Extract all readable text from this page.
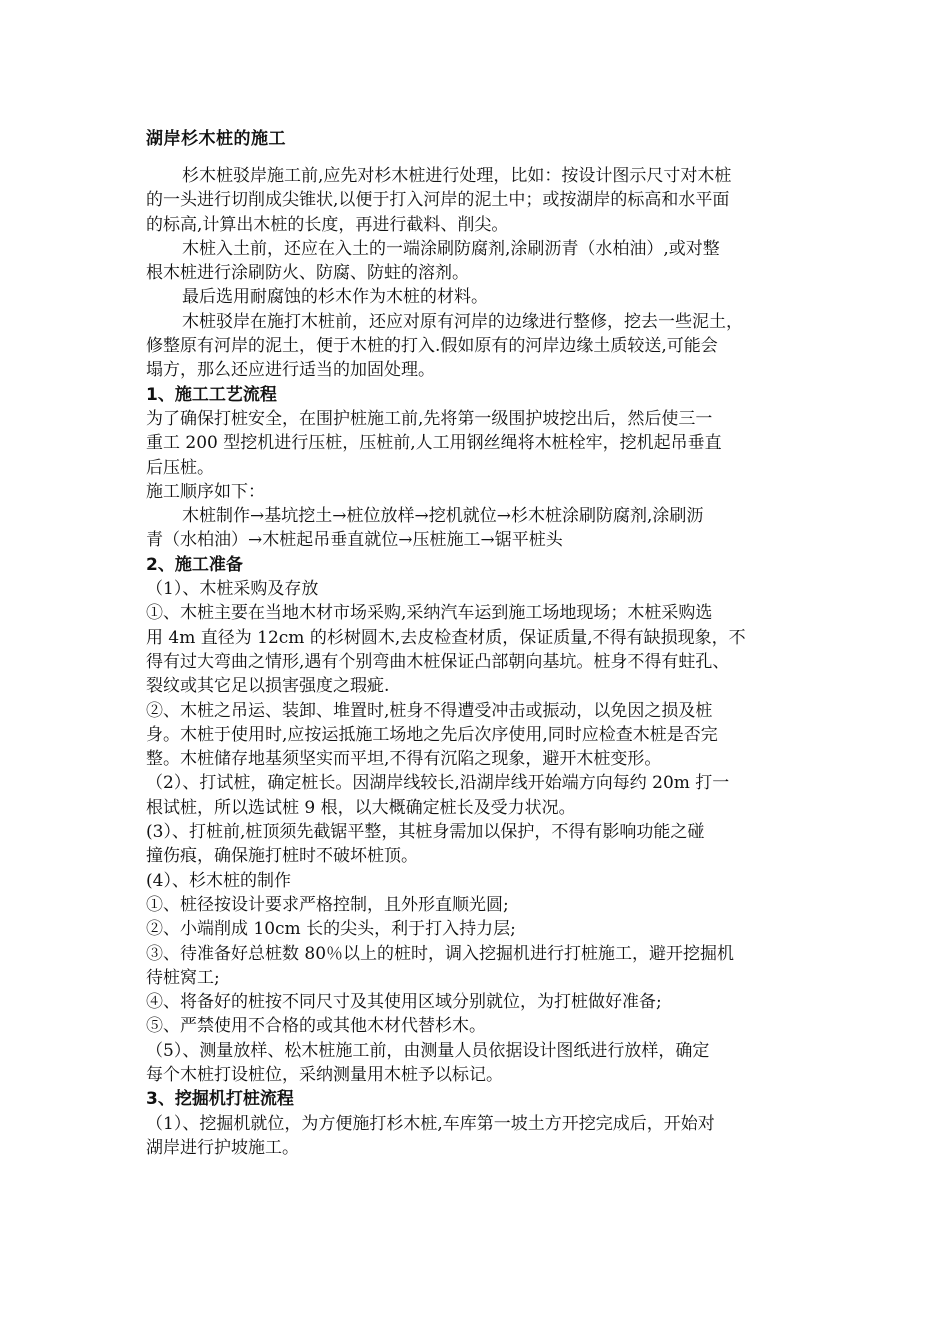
湖岸杉木桩的施工
杉木桩驳岸施工前,应先对杉木桩进行处理，比如：按设计图示尺寸对木桩
的一头进行切削成尖锥状,以便于打入河岸的泥土中；或按湖岸的标高和水平面
的标高,计算出木桩的长度，再进行截料、削尖。
木桩入土前，还应在入土的一端涂刷防腐剂,涂刷沥青（水柏油）,或对整
根木桩进行涂刷防火、防腐、防蛀的溶剂。
最后选用耐腐蚀的杉木作为木桩的材料。
木桩驳岸在施打木桩前，还应对原有河岸的边缘进行整修，挖去一些泥土，
修整原有河岸的泥土，便于木桩的打入.假如原有的河岸边缘土质较送,可能会
塌方，那么还应进行适当的加固处理。
1、施工工艺流程
为了确保打桩安全，在围护桩施工前,先将第一级围护坡挖出后，然后使三一
重工 200 型挖机进行压桩，压桩前,人工用钢丝绳将木桩栓牢，挖机起吊垂直
后压桩。
施工顺序如下：
木桩制作→基坑挖土→桩位放样→挖机就位→杉木桩涂刷防腐剂,涂刷沥
青（水柏油）→木桩起吊垂直就位→压桩施工→锯平桩头
2、施工准备
（1）、木桩采购及存放
①、木桩主要在当地木材市场采购,采纳汽车运到施工场地现场；木桩采购选
用 4m 直径为 12cm 的杉树圆木,去皮检查材质，保证质量,不得有缺损现象，不
得有过大弯曲之情形,遇有个别弯曲木桩保证凸部朝向基坑。桩身不得有蛀孔、
裂纹或其它足以损害强度之瑕疵.
②、木桩之吊运、装卸、堆置时,桩身不得遭受冲击或振动，以免因之损及桩
身。木桩于使用时,应按运抵施工场地之先后次序使用,同时应检查木桩是否完
整。木桩储存地基须坚实而平坦,不得有沉陷之现象，避开木桩变形。
（2）、打试桩，确定桩长。因湖岸线较长,沿湖岸线开始端方向每约 20m 打一
根试桩，所以选试桩 9 根，以大概确定桩长及受力状况。
(3）、打桩前,桩顶须先截锯平整，其桩身需加以保护，不得有影响功能之碰
撞伤痕，确保施打桩时不破坏桩顶。
(4）、杉木桩的制作
①、桩径按设计要求严格控制，且外形直顺光圆;
②、小端削成 10cm 长的尖头，利于打入持力层;
③、待准备好总桩数 80％以上的桩时，调入挖掘机进行打桩施工，避开挖掘机
待桩窝工;
④、将备好的桩按不同尺寸及其使用区域分别就位，为打桩做好准备;
⑤、严禁使用不合格的或其他木材代替杉木。
（5）、测量放样、松木桩施工前，由测量人员依据设计图纸进行放样，确定
每个木桩打设桩位，采纳测量用木桩予以标记。
3、挖掘机打桩流程
（1）、挖掘机就位，为方便施打杉木桩,车库第一坡土方开挖完成后，开始对
湖岸进行护坡施工。
